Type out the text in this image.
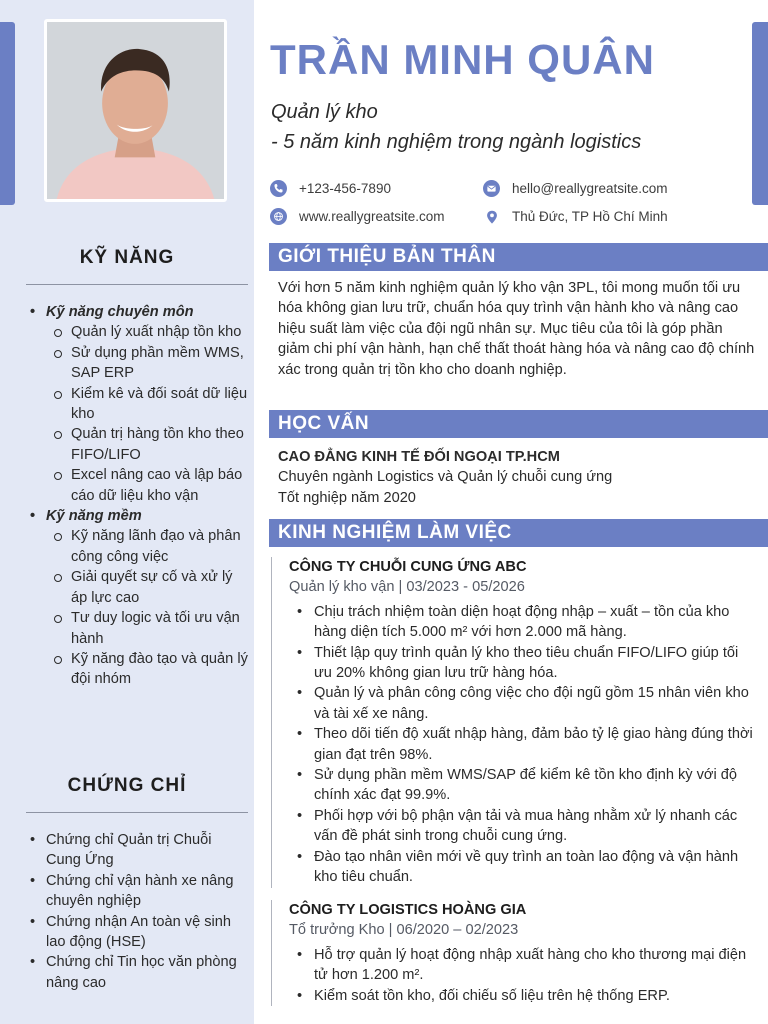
KỸ NĂNG
• Kỹ năng chuyên môn
Quản lý xuất nhập tồn kho
Sử dụng phần mềm WMS, SAP ERP
Kiểm kê và đối soát dữ liệu kho
Quản trị hàng tồn kho theo FIFO/LIFO
Excel nâng cao và lập báo cáo dữ liệu kho vận
• Kỹ năng mềm
Kỹ năng lãnh đạo và phân công công việc
Giải quyết sự cố và xử lý áp lực cao
Tư duy logic và tối ưu vận hành
Kỹ năng đào tạo và quản lý đội nhóm
CHỨNG CHỈ
• Chứng chỉ Quản trị Chuỗi Cung Ứng
• Chứng chỉ vận hành xe nâng chuyên nghiệp
• Chứng nhận An toàn vệ sinh lao động (HSE)
• Chứng chỉ Tin học văn phòng nâng cao
TRẦN MINH QUÂN
Quản lý kho
- 5 năm kinh nghiệm trong ngành logistics
+123-456-7890	hello@reallygreatsite.com
www.reallygreatsite.com	Thủ Đức, TP Hồ Chí Minh
GIỚI THIỆU BẢN THÂN
Với hơn 5 năm kinh nghiệm quản lý kho vận 3PL, tôi mong muốn tối ưu hóa không gian lưu trữ, chuẩn hóa quy trình vận hành kho và nâng cao hiệu suất làm việc của đội ngũ nhân sự. Mục tiêu của tôi là góp phần giảm chi phí vận hành, hạn chế thất thoát hàng hóa và nâng cao độ chính xác trong quản trị tồn kho cho doanh nghiệp.
HỌC VẤN
CAO ĐẲNG KINH TẾ ĐỐI NGOẠI TP.HCM
Chuyên ngành Logistics và Quản lý chuỗi cung ứng
Tốt nghiệp năm 2020
KINH NGHIỆM LÀM VIỆC
CÔNG TY CHUỖI CUNG ỨNG ABC
Quản lý kho vận | 03/2023 - 05/2026
• Chịu trách nhiệm toàn diện hoạt động nhập – xuất – tồn của kho hàng diện tích 5.000 m² với hơn 2.000 mã hàng.
• Thiết lập quy trình quản lý kho theo tiêu chuẩn FIFO/LIFO giúp tối ưu 20% không gian lưu trữ hàng hóa.
• Quản lý và phân công công việc cho đội ngũ gồm 15 nhân viên kho và tài xế xe nâng.
• Theo dõi tiến độ xuất nhập hàng, đảm bảo tỷ lệ giao hàng đúng thời gian đạt trên 98%.
• Sử dụng phần mềm WMS/SAP để kiểm kê tồn kho định kỳ với độ chính xác đạt 99.9%.
• Phối hợp với bộ phận vận tải và mua hàng nhằm xử lý nhanh các vấn đề phát sinh trong chuỗi cung ứng.
• Đào tạo nhân viên mới về quy trình an toàn lao động và vận hành kho tiêu chuẩn.
CÔNG TY LOGISTICS HOÀNG GIA
Tổ trưởng Kho | 06/2020 – 02/2023
• Hỗ trợ quản lý hoạt động nhập xuất hàng cho kho thương mại điện tử hơn 1.200 m².
• Kiểm soát tồn kho, đối chiếu số liệu trên hệ thống ERP.
